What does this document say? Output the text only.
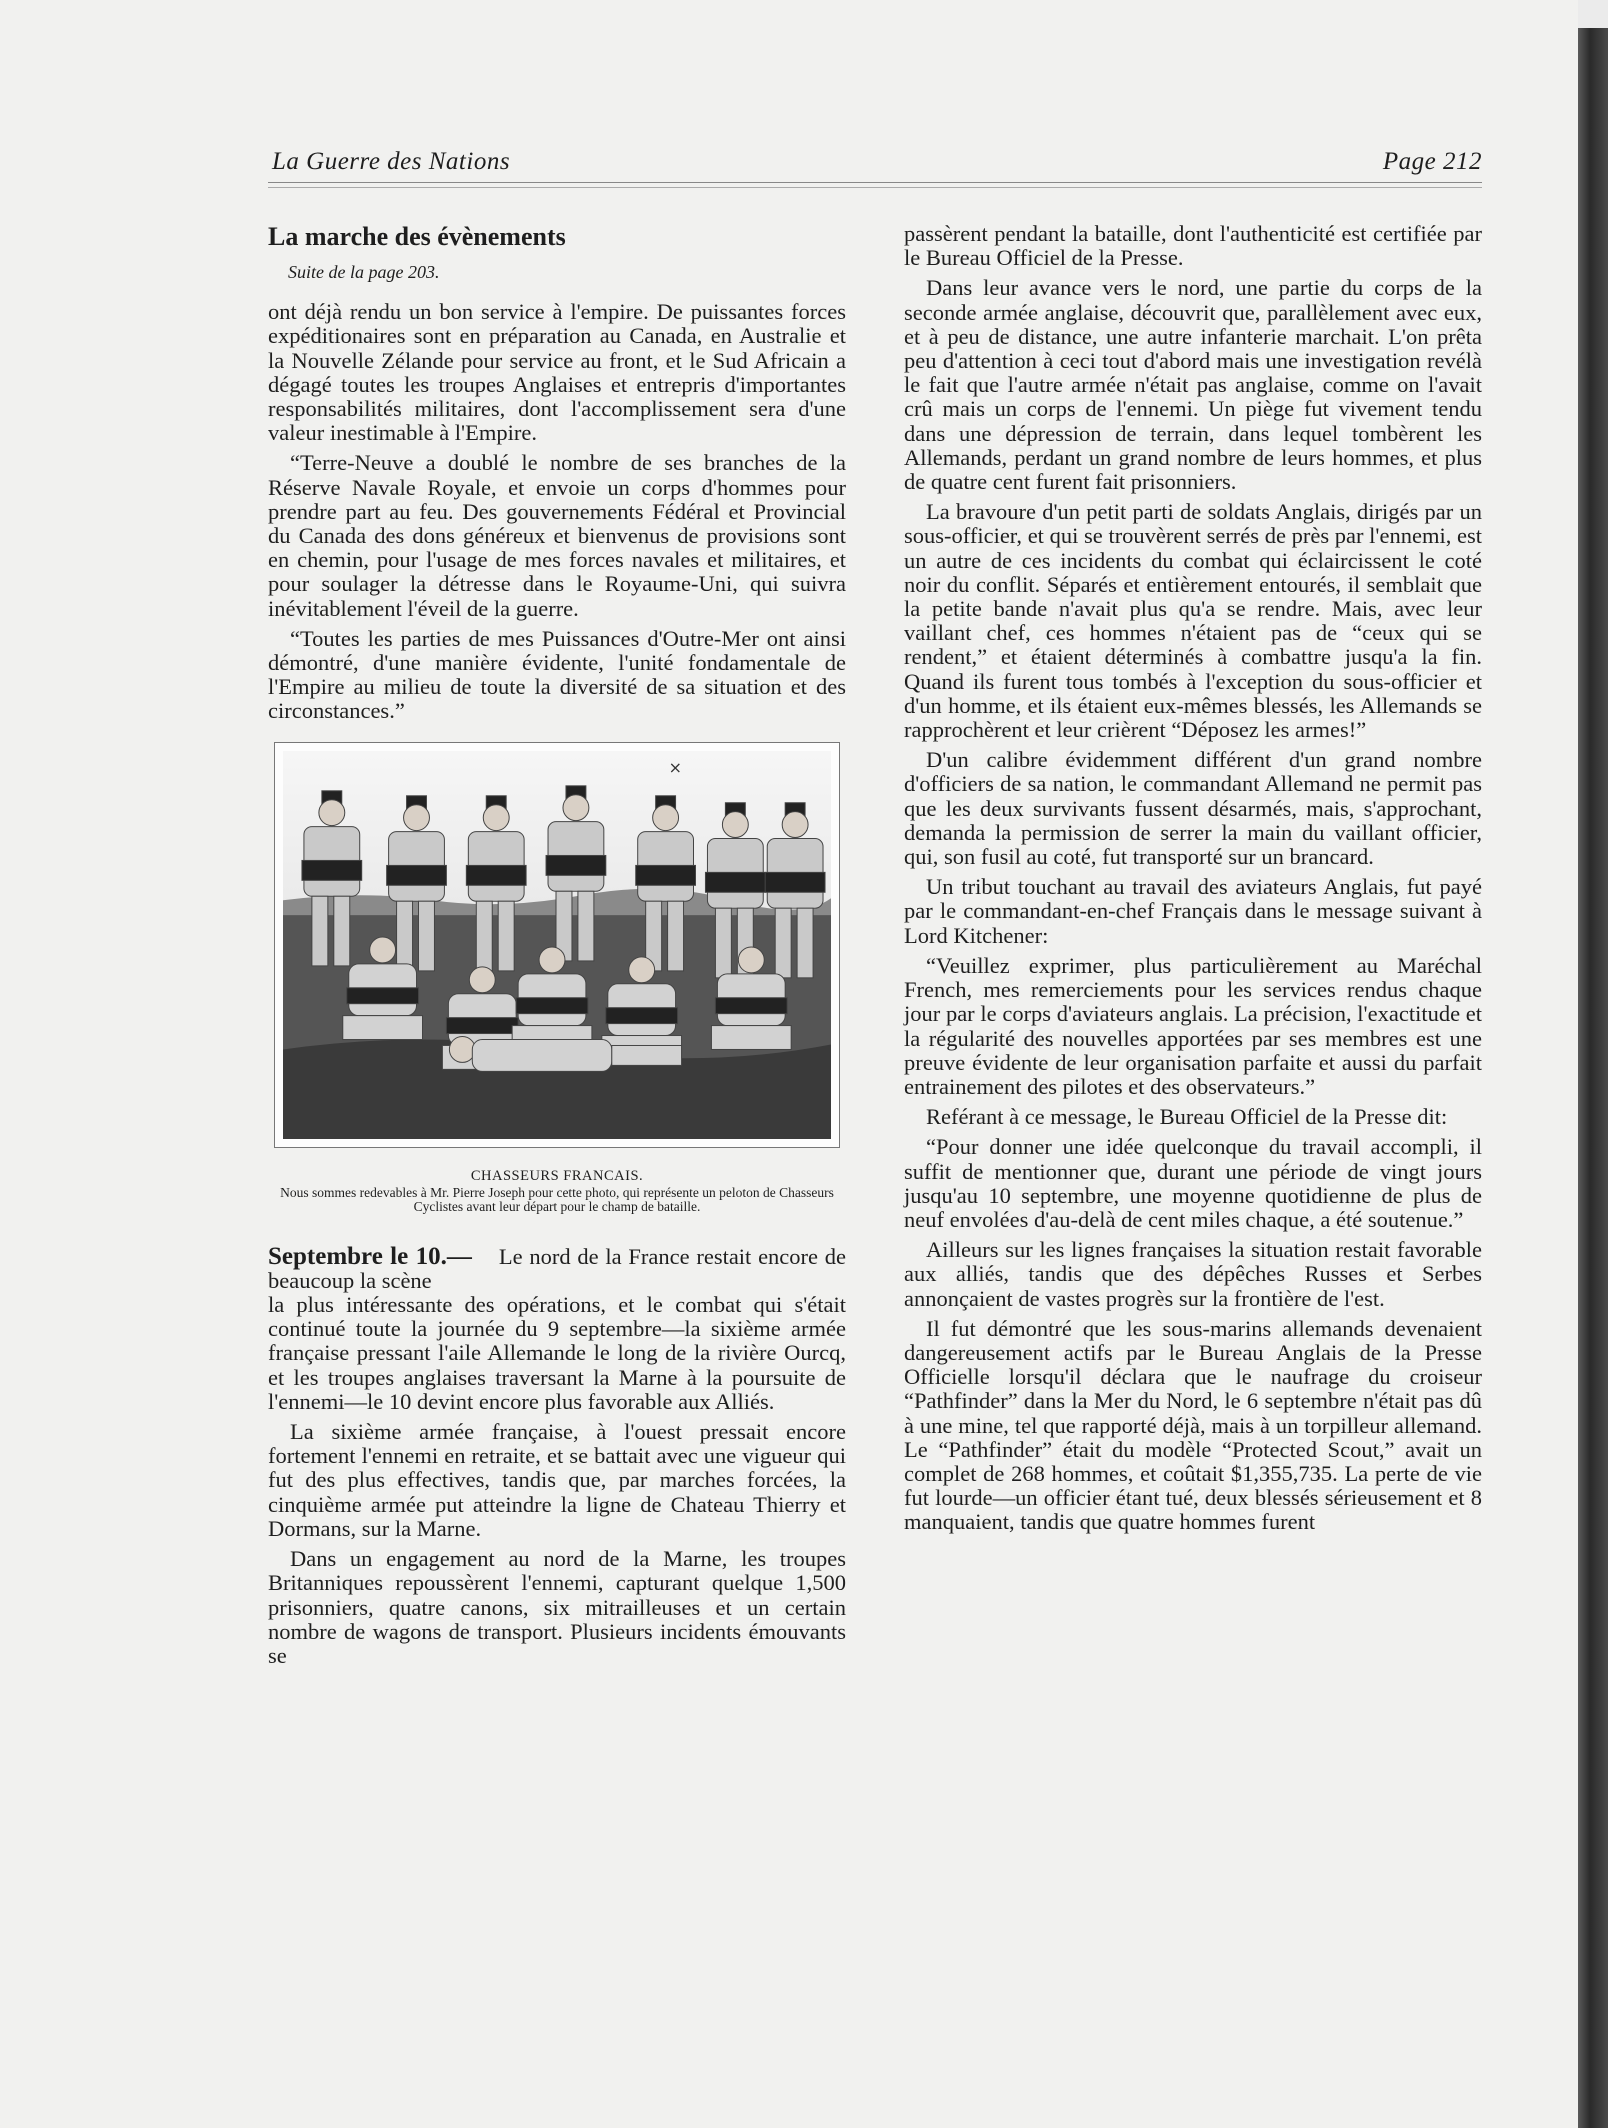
La Guerre des Nations	Page 212
La marche des évènements
Suite de la page 203.

ont déjà rendu un bon service à l'empire. De puissantes forces expéditionaires sont en préparation au Canada, en Australie et la Nouvelle Zélande pour service au front, et le Sud Africain a dégagé toutes les troupes Anglaises et entrepris d'importantes responsabilités militaires, dont l'accomplissement sera d'une valeur inestimable à l'Empire.

“Terre-Neuve a doublé le nombre de ses branches de la Réserve Navale Royale, et envoie un corps d'hommes pour prendre part au feu. Des gouvernements Fédéral et Provincial du Canada des dons généreux et bienvenus de provisions sont en chemin, pour l'usage de mes forces navales et militaires, et pour soulager la détresse dans le Royaume-Uni, qui suivra inévitablement l'éveil de la guerre.

“Toutes les parties de mes Puissances d'Outre-Mer ont ainsi démontré, d'une manière évidente, l'unité fondamentale de l'Empire au milieu de toute la diversité de sa situation et des circonstances.”

×
CHASSEURS FRANCAIS.
Nous sommes redevables à Mr. Pierre Joseph pour cette photo, qui représente un peloton de Chasseurs Cyclistes avant leur départ pour le champ de bataille.

Septembre le 10.— Le nord de la France restait encore de beaucoup la scène
la plus intéressante des opérations, et le combat qui s'était continué toute la journée du 9 septembre—la sixième armée française pressant l'aile Allemande le long de la rivière Ourcq, et les troupes anglaises traversant la Marne à la poursuite de l'ennemi—le 10 devint encore plus favorable aux Alliés.

La sixième armée française, à l'ouest pressait encore fortement l'ennemi en retraite, et se battait avec une vigueur qui fut des plus effectives, tandis que, par marches forcées, la cinquième armée put atteindre la ligne de Chateau Thierry et Dormans, sur la Marne.

Dans un engagement au nord de la Marne, les troupes Britanniques repoussèrent l'ennemi, capturant quelque 1,500 prisonniers, quatre canons, six mitrailleuses et un certain nombre de wagons de transport. Plusieurs incidents émouvants se

passèrent pendant la bataille, dont l'authenticité est certifiée par le Bureau Officiel de la Presse.

Dans leur avance vers le nord, une partie du corps de la seconde armée anglaise, découvrit que, parallèlement avec eux, et à peu de distance, une autre infanterie marchait. L'on prêta peu d'attention à ceci tout d'abord mais une investigation revélà le fait que l'autre armée n'était pas anglaise, comme on l'avait crû mais un corps de l'ennemi. Un piège fut vivement tendu dans une dépression de terrain, dans lequel tombèrent les Allemands, perdant un grand nombre de leurs hommes, et plus de quatre cent furent fait prisonniers.

La bravoure d'un petit parti de soldats Anglais, dirigés par un sous-officier, et qui se trouvèrent serrés de près par l'ennemi, est un autre de ces incidents du combat qui éclaircissent le coté noir du conflit. Séparés et entièrement entourés, il semblait que la petite bande n'avait plus qu'a se rendre. Mais, avec leur vaillant chef, ces hommes n'étaient pas de “ceux qui se rendent,” et étaient déterminés à combattre jusqu'a la fin. Quand ils furent tous tombés à l'exception du sous-officier et d'un homme, et ils étaient eux-mêmes blessés, les Allemands se rapprochèrent et leur crièrent “Déposez les armes!”

D'un calibre évidemment différent d'un grand nombre d'officiers de sa nation, le commandant Allemand ne permit pas que les deux survivants fussent désarmés, mais, s'approchant, demanda la permission de serrer la main du vaillant officier, qui, son fusil au coté, fut transporté sur un brancard.

Un tribut touchant au travail des aviateurs Anglais, fut payé par le commandant-en-chef Français dans le message suivant à Lord Kitchener:

“Veuillez exprimer, plus particulièrement au Maréchal French, mes remerciements pour les services rendus chaque jour par le corps d'aviateurs anglais. La précision, l'exactitude et la régularité des nouvelles apportées par ses membres est une preuve évidente de leur organisation parfaite et aussi du parfait entrainement des pilotes et des observateurs.”

Reférant à ce message, le Bureau Officiel de la Presse dit:

“Pour donner une idée quelconque du travail accompli, il suffit de mentionner que, durant une période de vingt jours jusqu'au 10 septembre, une moyenne quotidienne de plus de neuf envolées d'au-delà de cent miles chaque, a été soutenue.”

Ailleurs sur les lignes françaises la situation restait favorable aux alliés, tandis que des dépêches Russes et Serbes annonçaient de vastes progrès sur la frontière de l'est.

Il fut démontré que les sous-marins allemands devenaient dangereusement actifs par le Bureau Anglais de la Presse Officielle lorsqu'il déclara que le naufrage du croiseur “Pathfinder” dans la Mer du Nord, le 6 septembre n'était pas dû à une mine, tel que rapporté déjà, mais à un torpilleur allemand. Le “Pathfinder” était du modèle “Protected Scout,” avait un complet de 268 hommes, et coûtait $1,355,735. La perte de vie fut lourde—un officier étant tué, deux blessés sérieusement et 8 manquaient, tandis que quatre hommes furent
